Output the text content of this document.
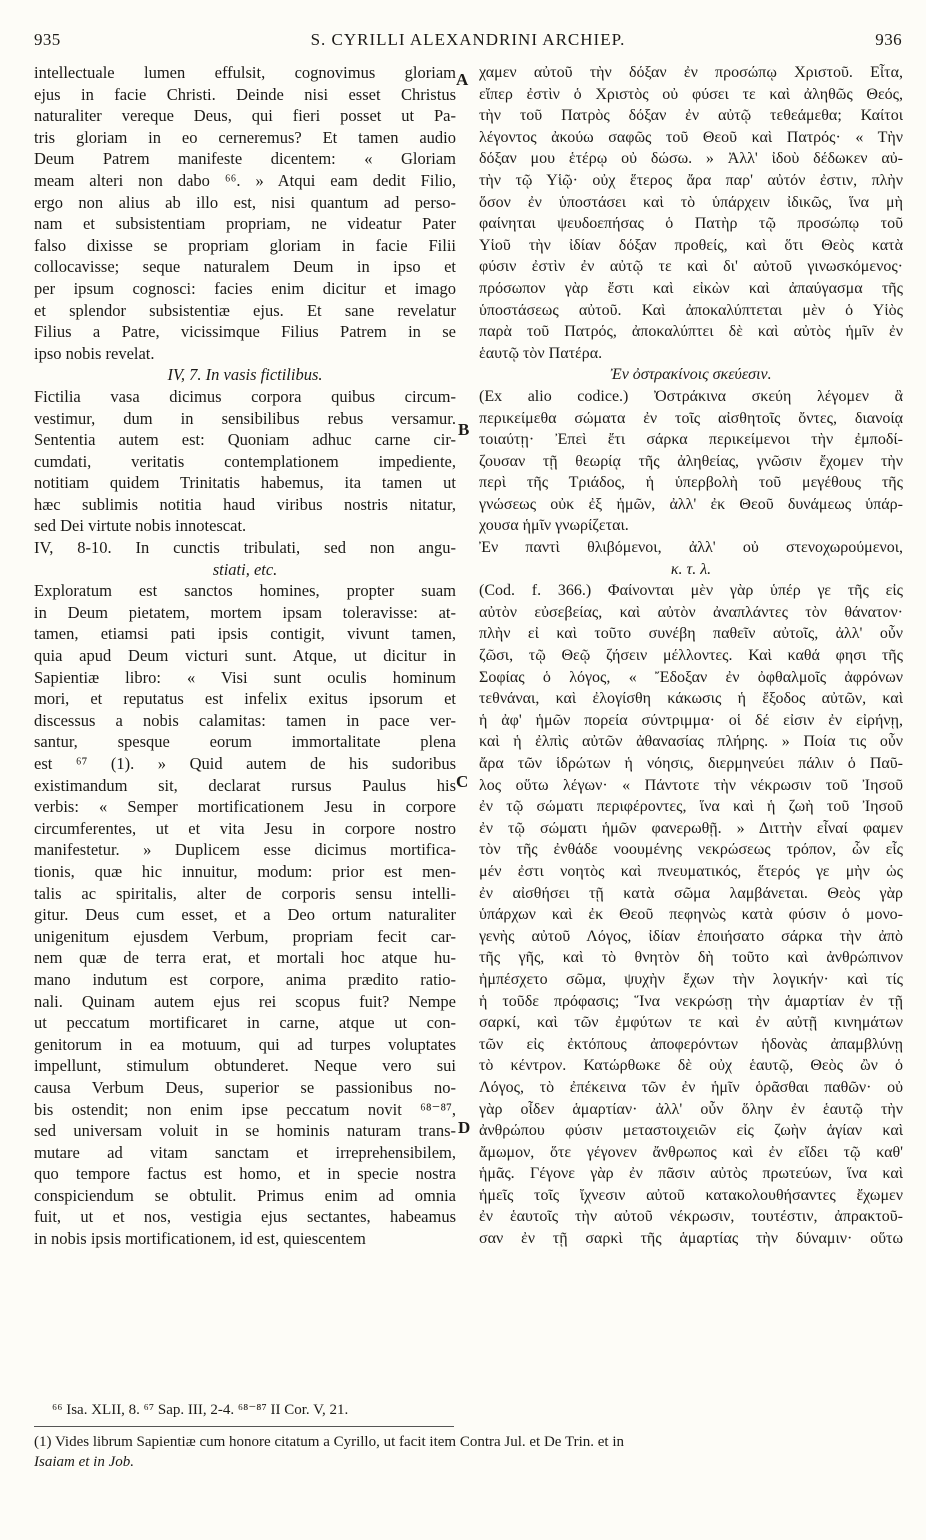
935	S. CYRILLI ALEXANDRINI ARCHIEP.	936
intellectuale lumen effulsit, cognovimus gloriam
ejus in facie Christi. Deinde nisi esset Christus
naturaliter vereque Deus, qui fieri posset ut Pa-
tris gloriam in eo cerneremus? Et tamen audio
Deum Patrem manifeste dicentem: « Gloriam
meam alteri non dabo ⁶⁶. » Atqui eam dedit Filio,
ergo non alius ab illo est, nisi quantum ad perso-
nam et subsistentiam propriam, ne videatur Pater
falso dixisse se propriam gloriam in facie Filii
collocavisse; seque naturalem Deum in ipso et
per ipsum cognosci: facies enim dicitur et imago
et splendor subsistentiæ ejus. Et sane revelatur
Filius a Patre, vicissimque Filius Patrem in se
ipso nobis revelat.
IV, 7. In vasis fictilibus.
Fictilia vasa dicimus corpora quibus circum-
vestimur, dum in sensibilibus rebus versamur.
Sententia autem est: Quoniam adhuc carne cir-
cumdati, veritatis contemplationem impediente,
notitiam quidem Trinitatis habemus, ita tamen ut
hæc sublimis notitia haud viribus nostris nitatur,
sed Dei virtute nobis innotescat.
IV, 8-10. In cunctis tribulati, sed non angu-
stiati, etc.
Exploratum est sanctos homines, propter suam
in Deum pietatem, mortem ipsam toleravisse: at-
tamen, etiamsi pati ipsis contigit, vivunt tamen,
quia apud Deum victuri sunt. Atque, ut dicitur in
Sapientiæ libro: « Visi sunt oculis hominum
mori, et reputatus est infelix exitus ipsorum et
discessus a nobis calamitas: tamen in pace ver-
santur, spesque eorum immortalitate plena
est ⁶⁷ (1). » Quid autem de his sudoribus
existimandum sit, declarat rursus Paulus his
verbis: « Semper mortificationem Jesu in corpore
circumferentes, ut et vita Jesu in corpore nostro
manifestetur. » Duplicem esse dicimus mortifica-
tionis, quæ hic innuitur, modum: prior est men-
talis ac spiritalis, alter de corporis sensu intelli-
gitur. Deus cum esset, et a Deo ortum naturaliter
unigenitum ejusdem Verbum, propriam fecit car-
nem quæ de terra erat, et mortali hoc atque hu-
mano indutum est corpore, anima prædito ratio-
nali. Quinam autem ejus rei scopus fuit? Nempe
ut peccatum mortificaret in carne, atque ut con-
genitorum in ea motuum, qui ad turpes voluptates
impellunt, stimulum obtunderet. Neque vero sui
causa Verbum Deus, superior se passionibus no-
bis ostendit; non enim ipse peccatum novit ⁶⁸⁻⁸⁷,
sed universam voluit in se hominis naturam trans-
mutare ad vitam sanctam et irreprehensibilem,
quo tempore factus est homo, et in specie nostra
conspiciendum se obtulit. Primus enim ad omnia
fuit, ut et nos, vestigia ejus sectantes, habeamus
in nobis ipsis mortificationem, id est, quiescentem
χαμεν αὐτοῦ τὴν δόξαν ἐν προσώπῳ Χριστοῦ. Εἶτα,
εἴπερ ἐστὶν ὁ Χριστὸς οὐ φύσει τε καὶ ἀληθῶς Θεός,
τὴν τοῦ Πατρὸς δόξαν ἐν αὐτῷ τεθεάμεθα; Καίτοι
λέγοντος ἀκούω σαφῶς τοῦ Θεοῦ καὶ Πατρός· « Τὴν
δόξαν μου ἑτέρῳ οὐ δώσω. » Ἀλλ' ἰδοὺ δέδωκεν αὐ-
τὴν τῷ Υἱῷ· οὐχ ἕτερος ἄρα παρ' αὐτόν ἐστιν, πλὴν
ὅσον ἐν ὑποστάσει καὶ τὸ ὑπάρχειν ἰδικῶς, ἵνα μὴ
φαίνηται ψευδοεπήσας ὁ Πατὴρ τῷ προσώπῳ τοῦ
Υἱοῦ τὴν ἰδίαν δόξαν προθείς, καὶ ὅτι Θεὸς κατὰ
φύσιν ἐστὶν ἐν αὐτῷ τε καὶ δι' αὐτοῦ γινωσκόμενος·
πρόσωπον γὰρ ἔστι καὶ εἰκὼν καὶ ἀπαύγασμα τῆς
ὑποστάσεως αὐτοῦ. Καὶ ἀποκαλύπτεται μὲν ὁ Υἱὸς
παρὰ τοῦ Πατρός, ἀποκαλύπτει δὲ καὶ αὐτὸς ἡμῖν ἐν
ἑαυτῷ τὸν Πατέρα.
Ἐν ὀστρακίνοις σκεύεσιν.
(Ex alio codice.) Ὀστράκινα σκεύη λέγομεν ἃ
περικείμεθα σώματα ἐν τοῖς αἰσθητοῖς ὄντες, διανοίᾳ
τοιαύτῃ· Ἐπεὶ ἔτι σάρκα περικείμενοι τὴν ἐμποδί-
ζουσαν τῇ θεωρίᾳ τῆς ἀληθείας, γνῶσιν ἔχομεν τὴν
περὶ τῆς Τριάδος, ἡ ὑπερβολὴ τοῦ μεγέθους τῆς
γνώσεως οὐκ ἐξ ἡμῶν, ἀλλ' ἐκ Θεοῦ δυνάμεως ὑπάρ-
χουσα ἡμῖν γνωρίζεται.
Ἐν παντὶ θλιβόμενοι, ἀλλ' οὐ στενοχωρούμενοι,
κ. τ. λ.
(Cod. f. 366.) Φαίνονται μὲν γὰρ ὑπέρ γε τῆς εἰς
αὐτὸν εὐσεβείας, καὶ αὐτὸν ἀναπλάντες τὸν θάνατον·
πλὴν εἰ καὶ τοῦτο συνέβη παθεῖν αὐτοῖς, ἀλλ' οὖν
ζῶσι, τῷ Θεῷ ζήσειν μέλλοντες. Καὶ καθά φησι τῆς
Σοφίας ὁ λόγος, « Ἔδοξαν ἐν ὀφθαλμοῖς ἀφρόνων
τεθνάναι, καὶ ἐλογίσθη κάκωσις ἡ ἔξοδος αὐτῶν, καὶ
ἡ ἀφ' ἡμῶν πορεία σύντριμμα· οἱ δέ εἰσιν ἐν εἰρήνῃ,
καὶ ἡ ἐλπὶς αὐτῶν ἀθανασίας πλήρης. » Ποία τις οὖν
ἄρα τῶν ἱδρώτων ἡ νόησις, διερμηνεύει πάλιν ὁ Παῦ-
λος οὕτω λέγων· « Πάντοτε τὴν νέκρωσιν τοῦ Ἰησοῦ
ἐν τῷ σώματι περιφέροντες, ἵνα καὶ ἡ ζωὴ τοῦ Ἰησοῦ
ἐν τῷ σώματι ἡμῶν φανερωθῇ. » Διττὴν εἶναί φαμεν
τὸν τῆς ἐνθάδε νοουμένης νεκρώσεως τρόπον, ὧν εἷς
μέν ἐστι νοητὸς καὶ πνευματικός, ἕτερός γε μὴν ὡς
ἐν αἰσθήσει τῇ κατὰ σῶμα λαμβάνεται. Θεὸς γὰρ
ὑπάρχων καὶ ἐκ Θεοῦ πεφηνὼς κατὰ φύσιν ὁ μονο-
γενὴς αὐτοῦ Λόγος, ἰδίαν ἐποιήσατο σάρκα τὴν ἀπὸ
τῆς γῆς, καὶ τὸ θνητὸν δὴ τοῦτο καὶ ἀνθρώπινον
ἠμπέσχετο σῶμα, ψυχὴν ἔχων τὴν λογικήν· καὶ τίς
ἡ τοῦδε πρόφασις; Ἵνα νεκρώσῃ τὴν ἁμαρτίαν ἐν τῇ
σαρκί, καὶ τῶν ἐμφύτων τε καὶ ἐν αὐτῇ κινημάτων
τῶν εἰς ἐκτόπους ἀποφερόντων ἡδονὰς ἀπαμβλύνῃ
τὸ κέντρον. Κατώρθωκε δὲ οὐχ ἑαυτῷ, Θεὸς ὢν ὁ
Λόγος, τὸ ἐπέκεινα τῶν ἐν ἡμῖν ὁρᾶσθαι παθῶν· οὐ
γὰρ οἶδεν ἁμαρτίαν· ἀλλ' οὖν ὅλην ἐν ἑαυτῷ τὴν
ἀνθρώπου φύσιν μεταστοιχειῶν εἰς ζωὴν ἁγίαν καὶ
ἄμωμον, ὅτε γέγονεν ἄνθρωπος καὶ ἐν εἴδει τῷ καθ'
ἡμᾶς. Γέγονε γὰρ ἐν πᾶσιν αὐτὸς πρωτεύων, ἵνα καὶ
ἡμεῖς τοῖς ἴχνεσιν αὐτοῦ κατακολουθήσαντες ἔχωμεν
ἐν ἑαυτοῖς τὴν αὐτοῦ νέκρωσιν, τουτέστιν, ἀπρακτοῦ-
σαν ἐν τῇ σαρκὶ τῆς ἁμαρτίας τὴν δύναμιν· οὕτω
A
B
C
D
⁶⁶ Isa. XLII, 8. ⁶⁷ Sap. III, 2-4. ⁶⁸⁻⁸⁷ II Cor. V, 21.
(1) Vides librum Sapientiæ cum honore citatum a Cyrillo, ut facit item Contra Jul. et De Trin. et in
Isaiam et in Job.
